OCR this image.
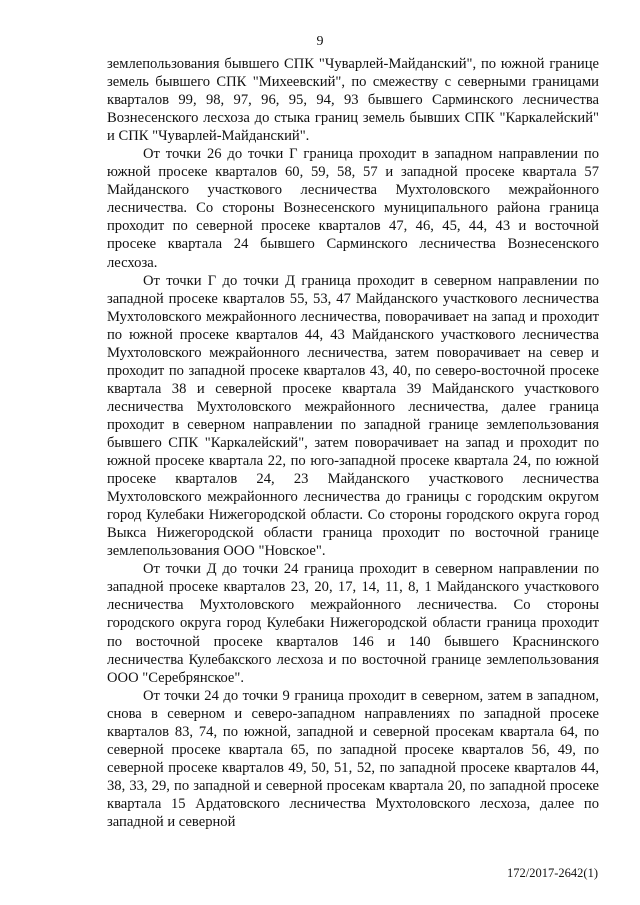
9

землепользования бывшего СПК "Чуварлей-Майданский", по южной границе земель бывшего СПК "Михеевский", по смежеству с северными границами кварталов 99, 98, 97, 96, 95, 94, 93 бывшего Сарминского лесничества Вознесенского лесхоза до стыка границ земель бывших СПК "Каркалейский" и СПК "Чуварлей-Майданский".

От точки 26 до точки Г граница проходит в западном направлении по южной просеке кварталов 60, 59, 58, 57 и западной просеке квартала 57 Майданского участкового лесничества Мухтоловского межрайонного лесничества. Со стороны Вознесенского муниципального района граница проходит по северной просеке кварталов 47, 46, 45, 44, 43 и восточной просеке квартала 24 бывшего Сарминского лесничества Вознесенского лесхоза.

От точки Г до точки Д граница проходит в северном направлении по западной просеке кварталов 55, 53, 47 Майданского участкового лесничества Мухтоловского межрайонного лесничества, поворачивает на запад и проходит по южной просеке кварталов 44, 43 Майданского участкового лесничества Мухтоловского межрайонного лесничества, затем поворачивает на север и проходит по западной просеке кварталов 43, 40, по северо-восточной просеке квартала 38 и северной просеке квартала 39 Майданского участкового лесничества Мухтоловского межрайонного лесничества, далее граница проходит в северном направлении по западной границе землепользования бывшего СПК "Каркалейский", затем поворачивает на запад и проходит по южной просеке квартала 22, по юго-западной просеке квартала 24, по южной просеке кварталов 24, 23 Майданского участкового лесничества Мухтоловского межрайонного лесничества до границы с городским округом город Кулебаки Нижегородской области. Со стороны городского округа город Выкса Нижегородской области граница проходит по восточной границе землепользования ООО "Новское".

От точки Д до точки 24 граница проходит в северном направлении по западной просеке кварталов 23, 20, 17, 14, 11, 8, 1 Майданского участкового лесничества Мухтоловского межрайонного лесничества. Со стороны городского округа город Кулебаки Нижегородской области граница проходит по восточной просеке кварталов 146 и 140 бывшего Краснинского лесничества Кулебакского лесхоза и по восточной границе землепользования ООО "Серебрянское".

От точки 24 до точки 9 граница проходит в северном, затем в западном, снова в северном и северо-западном направлениях по западной просеке кварталов 83, 74, по южной, западной и северной просекам квартала 64, по северной просеке квартала 65, по западной просеке кварталов 56, 49, по северной просеке кварталов 49, 50, 51, 52, по западной просеке кварталов 44, 38, 33, 29, по западной и северной просекам квартала 20, по западной просеке квартала 15 Ардатовского лесничества Мухтоловского лесхоза, далее по западной и северной

172/2017-2642(1)
